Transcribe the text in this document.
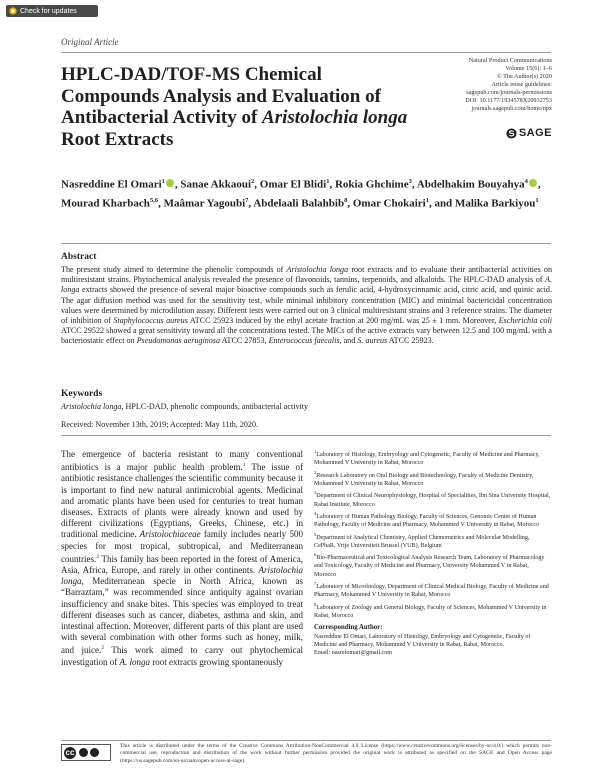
Check for updates
Original Article
HPLC-DAD/TOF-MS Chemical Compounds Analysis and Evaluation of Antibacterial Activity of Aristolochia longa Root Extracts
Natural Product Communications
Volume 15(6): 1–6
© The Author(s) 2020
Article reuse guidelines:
sagepub.com/journals-permissions
DOI: 10.1177/1934578X20932753
journals.sagepub.com/home/npx
SAGE
Nasreddine El Omari$^1$ , Sanae Akkaoui$^2$, Omar El Blidi$^1$, Rokia Ghchime$^3$, Abdelhakim Bouyahya$^4$ , Mourad Kharbach$^{5,6}$, Maâmar Yagoubi$^7$, Abdelaali Balahbib$^8$, Omar Chokairi$^1$, and Malika Barkiyou$^1$
Abstract
The present study aimed to determine the phenolic compounds of Aristolochia longa root extracts and to evaluate their antibacterial activities on multiresistant strains. Phytochemical analysis revealed the presence of flavonoids, tannins, terpenoids, and alkaloids. The HPLC-DAD analysis of A. longa extracts showed the presence of several major bioactive compounds such as ferulic acid, 4-hydroxycinnamic acid, citric acid, and quinic acid. The agar diffusion method was used for the sensitivity test, while minimal inhibitory concentration (MIC) and minimal bactericidal concentration values were determined by microdilution assay. Different tests were carried out on 3 clinical multiresistant strains and 3 reference strains. The diameter of inhibition of Staphylococcus aureus ATCC 25923 induced by the ethyl acetate fraction at 200 mg/mL was 25 ± 1 mm. Moreover, Escherichia coli ATCC 29522 showed a great sensitivity toward all the concentrations tested. The MICs of the active extracts vary between 12.5 and 100 mg/mL with a bacteriostatic effect on Pseudomonas aeruginosa ATCC 27853, Enterococcus faecalis, and S. aureus ATCC 25923.
Keywords
Aristolochia longa, HPLC-DAD, phenolic compounds, antibacterial activity
Received: November 13th, 2019; Accepted: May 11th, 2020.
The emergence of bacteria resistant to many conventional antibiotics is a major public health problem.$^1$ The issue of antibiotic resistance challenges the scientific community because it is important to find new natural antimicrobial agents. Medicinal and aromatic plants have been used for centuries to treat human diseases. Extracts of plants were already known and used by different civilizations (Egyptians, Greeks, Chinese, etc.) in traditional medicine. Aristolochiaceae family includes nearly 500 species for most tropical, subtropical, and Mediterranean countries.$^2$ This family has been reported in the forest of America, Asia, Africa, Europe, and rarely in other continents. Aristolochia longa, Mediterranean specie in North Africa, known as “Barraztam,” was recommended since antiquity against ovarian insufficiency and snake bites. This species was employed to treat different diseases such as cancer, diabetes, asthma and skin, and intestinal affection. Moreover, different parts of this plant are used with several combination with other forms such as honey, milk, and juice.$^2$ This work aimed to carry out phytochemical investigation of A. longa root extracts growing spontaneously
$^1$Laboratory of Histology, Embryology and Cytogenetic, Faculty of Medicine and Pharmacy, Mohammed V University in Rabat, Morocco
$^2$Research Laboratory on Oral Biology and Biotechnology, Faculty of Medicine Dentistry, Mohammed V University in Rabat, Morocco
$^3$Department of Clinical Neurophysiology, Hospital of Specialities, Ibn Sina University Hospital, Rabat Institute, Morocco
$^4$Laboratory of Human Pathology Biology, Faculty of Sciences, Genomic Center of Human Pathology, Faculty of Medicine and Pharmacy, Mohammed V University in Rabat, Morocco
$^5$Department of Analytical Chemistry, Applied Chemometrics and Molecular Modelling, CePhaR, Vrije Universiteit Brussel (VUB), Belgium
$^6$Bio-Pharmaceutical and Toxicological Analysis Research Team, Laboratory of Pharmacology and Toxicology, Faculty of Medicine and Pharmacy, University Mohammed V in Rabat, Morocco
$^7$Laboratory of Microbiology, Department of Clinical Medical Biology, Faculty of Medicine and Pharmacy, Mohammed V University in Rabat, Morocco
$^8$Laboratory of Zoology and General Biology, Faculty of Sciences, Mohammed V University in Rabat, Morocco
Corresponding Author:
Nasreddine El Omari, Laboratory of Histology, Embryology and Cytogenetic, Faculty of Medicine and Pharmacy, Mohammed V University in Rabat, Rabat, Morocco.
Email: nasrelomari@gmail.com
cc
This article is distributed under the terms of the Creative Commons Attribution-NonCommercial 4.0 License (https://www.creativecommons.org/licenses/by-nc/4.0/) which permits non-commercial use, reproduction and distribution of the work without further permission provided the original work is attributed as specified on the SAGE and Open Access page (https://us.sagepub.com/en-us/nam/open-access-at-sage).
